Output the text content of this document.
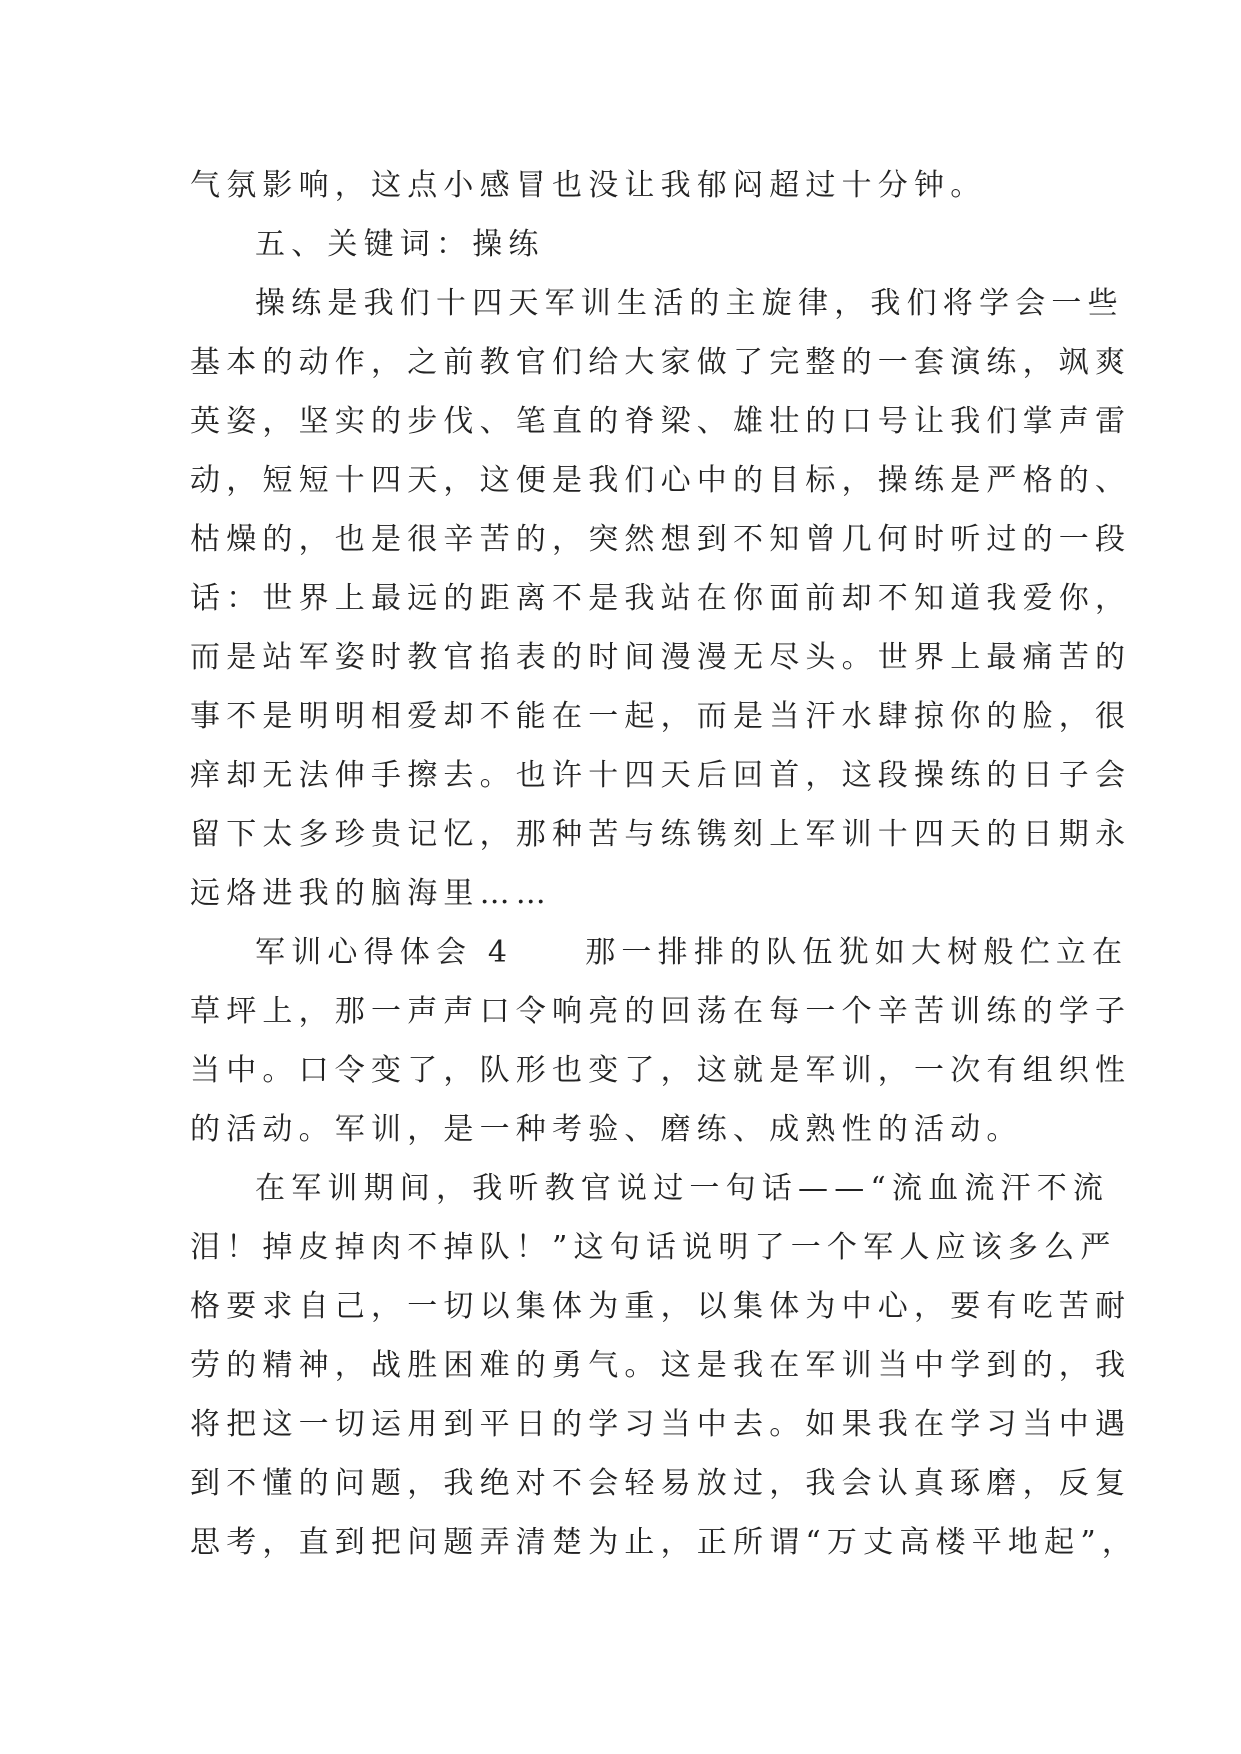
气氛影响，这点小感冒也没让我郁闷超过十分钟。
五、关键词：操练
操练是我们十四天军训生活的主旋律，我们将学会一些
基本的动作，之前教官们给大家做了完整的一套演练，飒爽
英姿，坚实的步伐、笔直的脊梁、雄壮的口号让我们掌声雷
动，短短十四天，这便是我们心中的目标，操练是严格的、
枯燥的，也是很辛苦的，突然想到不知曾几何时听过的一段
话：世界上最远的距离不是我站在你面前却不知道我爱你，
而是站军姿时教官掐表的时间漫漫无尽头。世界上最痛苦的
事不是明明相爱却不能在一起，而是当汗水肆掠你的脸，很
痒却无法伸手擦去。也许十四天后回首，这段操练的日子会
留下太多珍贵记忆，那种苦与练镌刻上军训十四天的日期永
远烙进我的脑海里……
军训心得体会 4 那一排排的队伍犹如大树般伫立在
草坪上，那一声声口令响亮的回荡在每一个辛苦训练的学子
当中。口令变了，队形也变了，这就是军训，一次有组织性
的活动。军训，是一种考验、磨练、成熟性的活动。
在军训期间，我听教官说过一句话——“流血流汗不流
泪！掉皮掉肉不掉队！”这句话说明了一个军人应该多么严
格要求自己，一切以集体为重，以集体为中心，要有吃苦耐
劳的精神，战胜困难的勇气。这是我在军训当中学到的，我
将把这一切运用到平日的学习当中去。如果我在学习当中遇
到不懂的问题，我绝对不会轻易放过，我会认真琢磨，反复
思考，直到把问题弄清楚为止，正所谓“万丈高楼平地起”，
